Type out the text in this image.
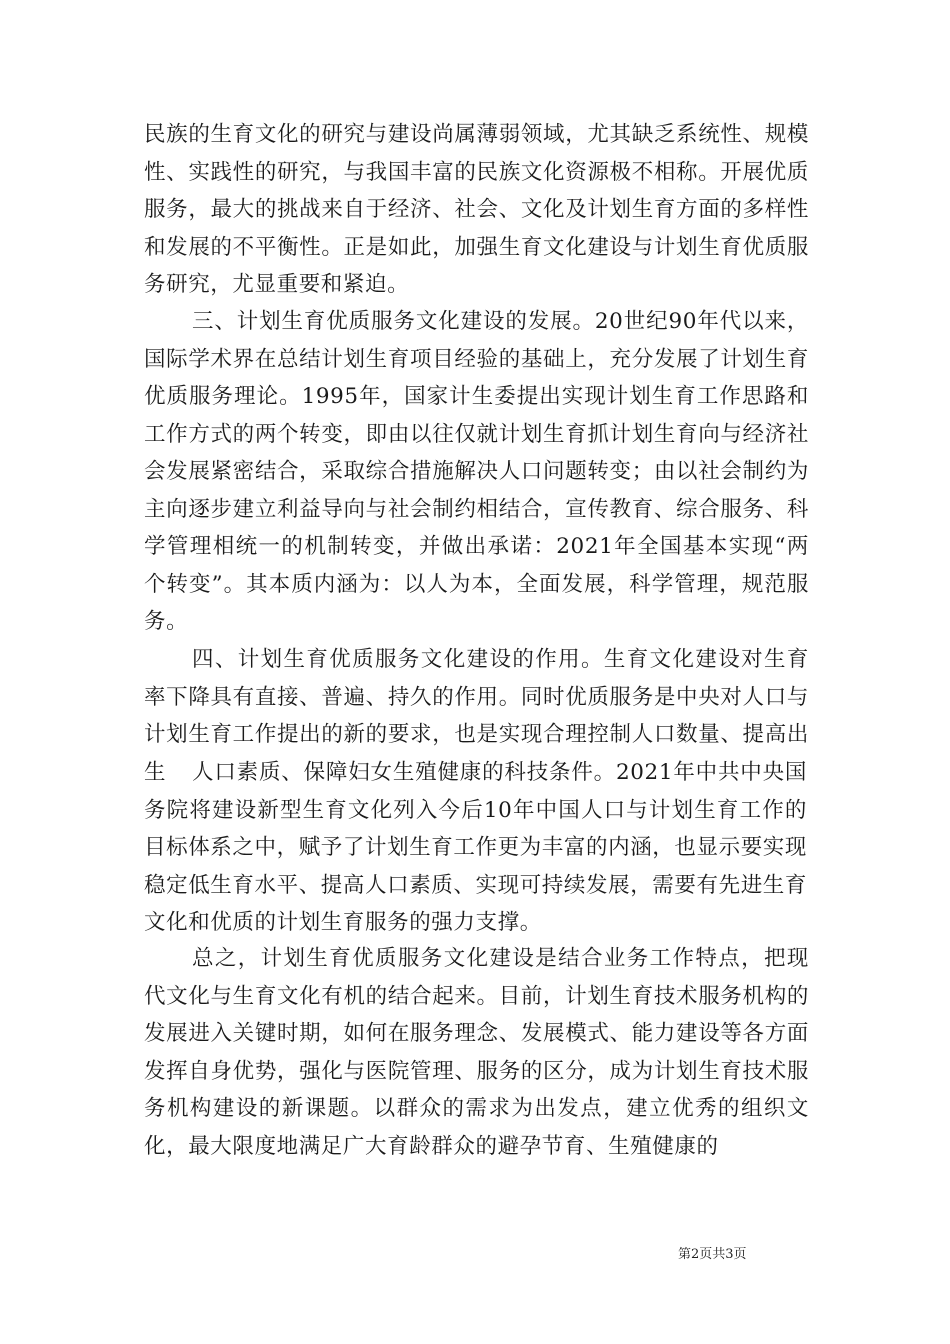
民族的生育文化的研究与建设尚属薄弱领域，尤其缺乏系统性、规模性、实践性的研究，与我国丰富的民族文化资源极不相称。开展优质服务，最大的挑战来自于经济、社会、文化及计划生育方面的多样性和发展的不平衡性。正是如此，加强生育文化建设与计划生育优质服务研究，尤显重要和紧迫。

三、计划生育优质服务文化建设的发展。20世纪90年代以来，国际学术界在总结计划生育项目经验的基础上，充分发展了计划生育优质服务理论。1995年，国家计生委提出实现计划生育工作思路和工作方式的两个转变，即由以往仅就计划生育抓计划生育向与经济社会发展紧密结合，采取综合措施解决人口问题转变；由以社会制约为主向逐步建立利益导向与社会制约相结合，宣传教育、综合服务、科学管理相统一的机制转变，并做出承诺：2021年全国基本实现“两个转变”。其本质内涵为：以人为本，全面发展，科学管理，规范服务。

四、计划生育优质服务文化建设的作用。生育文化建设对生育率下降具有直接、普遍、持久的作用。同时优质服务是中央对人口与计划生育工作提出的新的要求，也是实现合理控制人口数量、提高出生	人口素质、保障妇女生殖健康的科技条件。2021年中共中央国务院将建设新型生育文化列入今后10年中国人口与计划生育工作的目标体系之中，赋予了计划生育工作更为丰富的内涵，也显示要实现稳定低生育水平、提高人口素质、实现可持续发展，需要有先进生育文化和优质的计划生育服务的强力支撑。

总之，计划生育优质服务文化建设是结合业务工作特点，把现代文化与生育文化有机的结合起来。目前，计划生育技术服务机构的发展进入关键时期，如何在服务理念、发展模式、能力建设等各方面发挥自身优势，强化与医院管理、服务的区分，成为计划生育技术服务机构建设的新课题。以群众的需求为出发点，建立优秀的组织文化，最大限度地满足广大育龄群众的避孕节育、生殖健康的

第2页共3页
